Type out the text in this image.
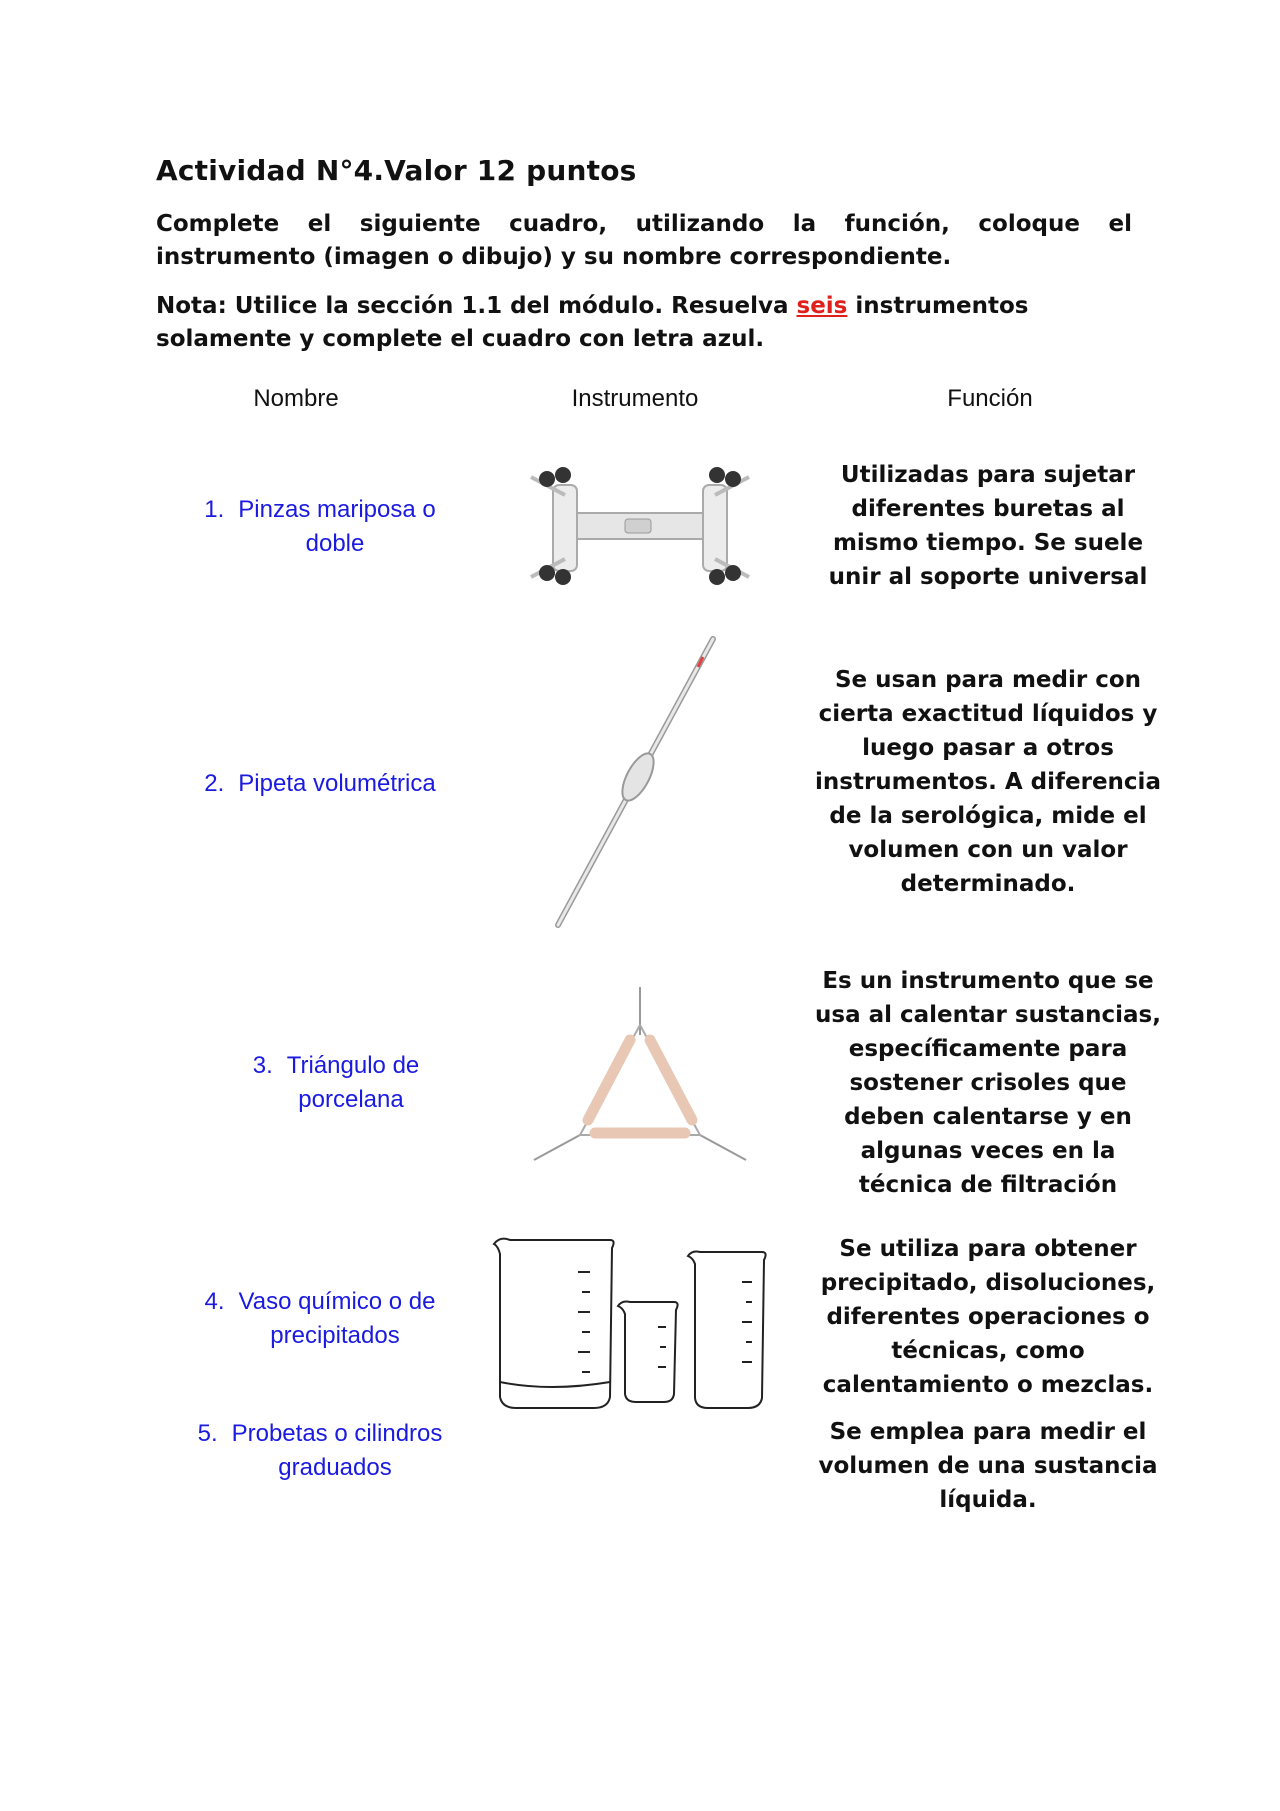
Actividad N°4.Valor 12 puntos
Complete el siguiente cuadro, utilizando la función, coloque el instrumento (imagen o dibujo) y su nombre correspondiente.
Nota: Utilice la sección 1.1 del módulo. Resuelva seis instrumentos solamente y complete el cuadro con letra azul.
Nombre	Instrumento	Función
1. Pinzas mariposa o
doble
Utilizadas para sujetar
diferentes buretas al
mismo tiempo. Se suele
unir al soporte universal
2. Pipeta volumétrica
Se usan para medir con
cierta exactitud líquidos y
luego pasar a otros
instrumentos. A diferencia
de la serológica, mide el
volumen con un valor
determinado.
3. Triángulo de
porcelana
Es un instrumento que se
usa al calentar sustancias,
específicamente para
sostener crisoles que
deben calentarse y en
algunas veces en la
técnica de filtración
4. Vaso químico o de
precipitados
Se utiliza para obtener
precipitado, disoluciones,
diferentes operaciones o
técnicas, como
calentamiento o mezclas.
5. Probetas o cilindros
graduados
Se emplea para medir el
volumen de una sustancia
líquida.
